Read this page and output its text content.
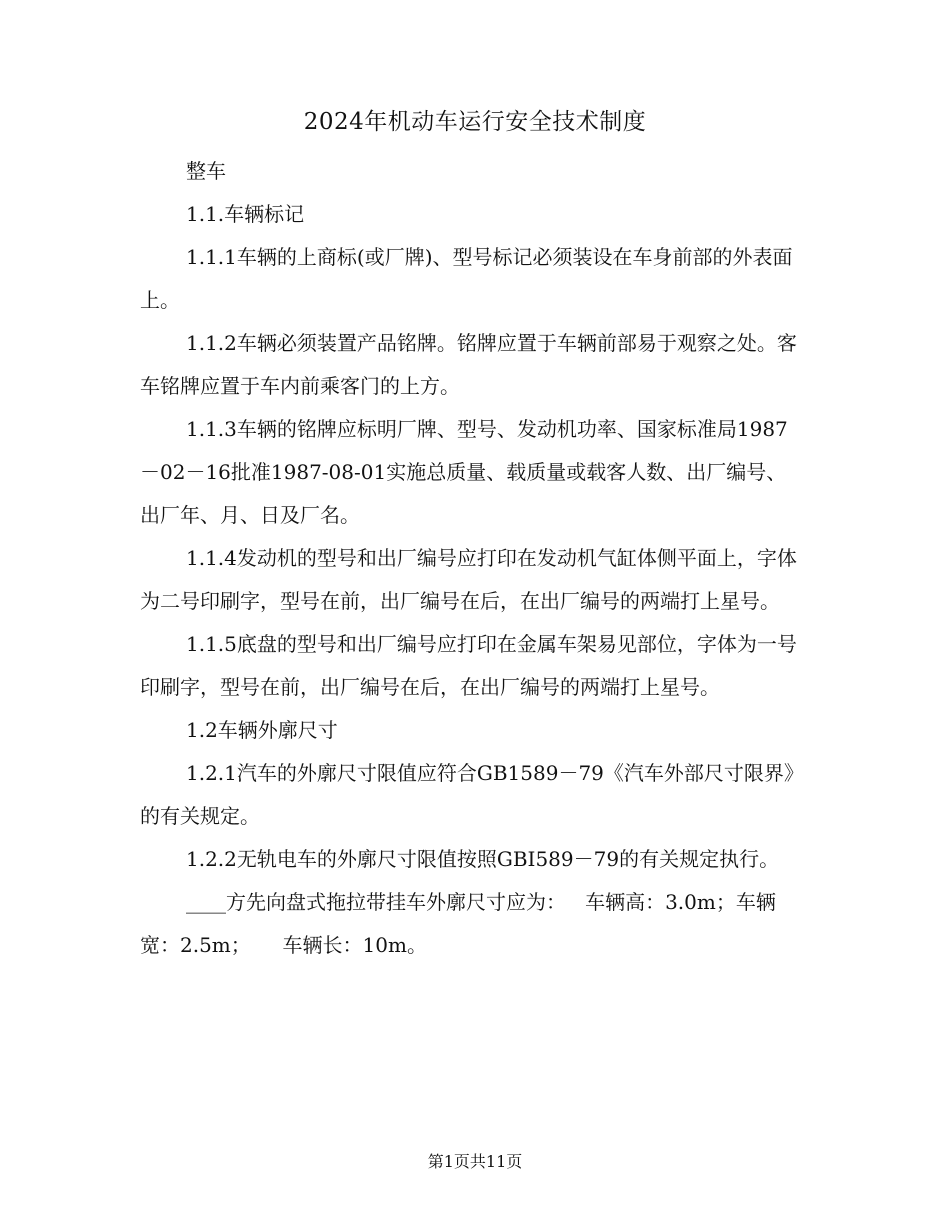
2024年机动车运行安全技术制度

整车

1.1.车辆标记

1.1.1车辆的上商标(或厂牌)、型号标记必须装设在车身前部的外表面上。

1.1.2车辆必须装置产品铭牌。铭牌应置于车辆前部易于观察之处。客车铭牌应置于车内前乘客门的上方。

1.1.3车辆的铭牌应标明厂牌、型号、发动机功率、国家标准局1987－02－16批准1987-08-01实施总质量、载质量或载客人数、出厂编号、出厂年、月、日及厂名。

1.1.4发动机的型号和出厂编号应打印在发动机气缸体侧平面上，字体为二号印刷字，型号在前，出厂编号在后，在出厂编号的两端打上星号。

1.1.5底盘的型号和出厂编号应打印在金属车架易见部位，字体为一号印刷字，型号在前，出厂编号在后，在出厂编号的两端打上星号。

1.2车辆外廓尺寸

1.2.1汽车的外廓尺寸限值应符合GB1589－79《汽车外部尺寸限界》的有关规定。

1.2.2无轨电车的外廓尺寸限值按照GBI589－79的有关规定执行。

____方先向盘式拖拉带挂车外廓尺寸应为：   车辆高：3.0m；车辆宽：2.5m；     车辆长：10m。

第1页共11页
